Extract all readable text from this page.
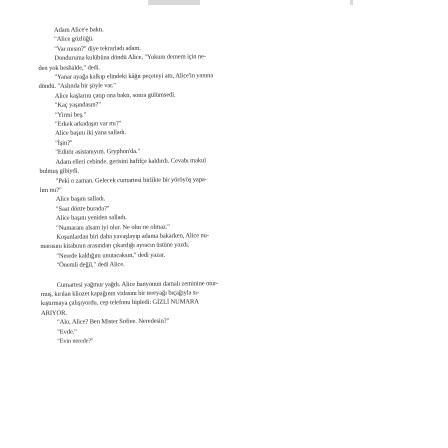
Adam Alice'e baktı.

"Alice gözlüğü.

"Var mısın?" diye tekrarladı adam.

Donduruma kulübüna döndü Alice, "Yokum demem için ne-

den yok beshalde," dedi.

"Yanar ayağa kalkıp elindeki kâğıt peçeteyi attı, Alice'in yanına

döndü. "Aslında bir şöyle var."

Alice kaşlarını çatıp ona baktı, sonra gülümsedi.

"Kaç yaşındasın?"

"Yirmi beş."

"Erkek arkadaşın var mı?"

Alice başını iki yana salladı.

"İşin?"

"Editör asistanıyım. Gryphon'da."

Adam elleri cebinde, gerisini hafifçe kaldırdı. Cevabı makul

bulmuş gibiydi.

"Peki o zaman. Gelecek cumartesi birlikte bir yöröyöş yapa-

lım mı?"

Alice başını salladı.

"Saat dörtte burada?"

Alice başını yeniden salladı.

"Numaranı alsam iyi olur. Ne olur ne olmaz."

Koşunlardan biri daha yavaşlayıp adama bakarken, Alice nu-

marasını kitabının arasından çıkardığı ayracın üstüne yazdı.

"Nerede kaldığını unutacaksın," dedi yazar.

"Önemli değil," dedi Alice.

Cumartesi yağmur yağdı. Alice banyonun damalı zeminine otur-

muş, kırılan kliozet kapağının vidasını bir tereyağı bıçağıyla sı-

kıştırmaya çalışıyordu, cep telefonu bipledi: GİZLİ NUMARA

ARIYOR.

"Alo, Alice? Ben Mister Sofiee. Neredesin?"

"Evde."

"Evin nerede?"
